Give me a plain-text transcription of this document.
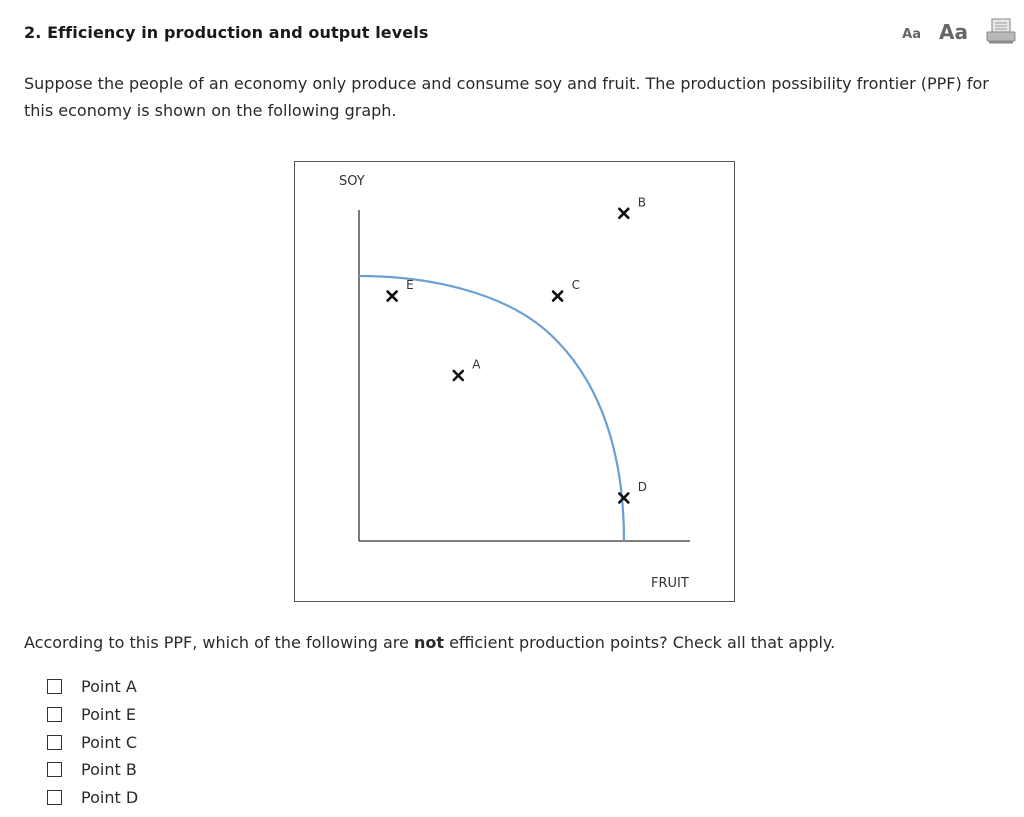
2. Efficiency in production and output levels	Aa Aa
Suppose the people of an economy only produce and consume soy and fruit. The production possibility frontier (PPF) for this economy is shown on the following graph.
SOY
FRUIT
E
A
C
B
D
According to this PPF, which of the following are not efficient production points? Check all that apply.
Point A
Point E
Point C
Point B
Point D
